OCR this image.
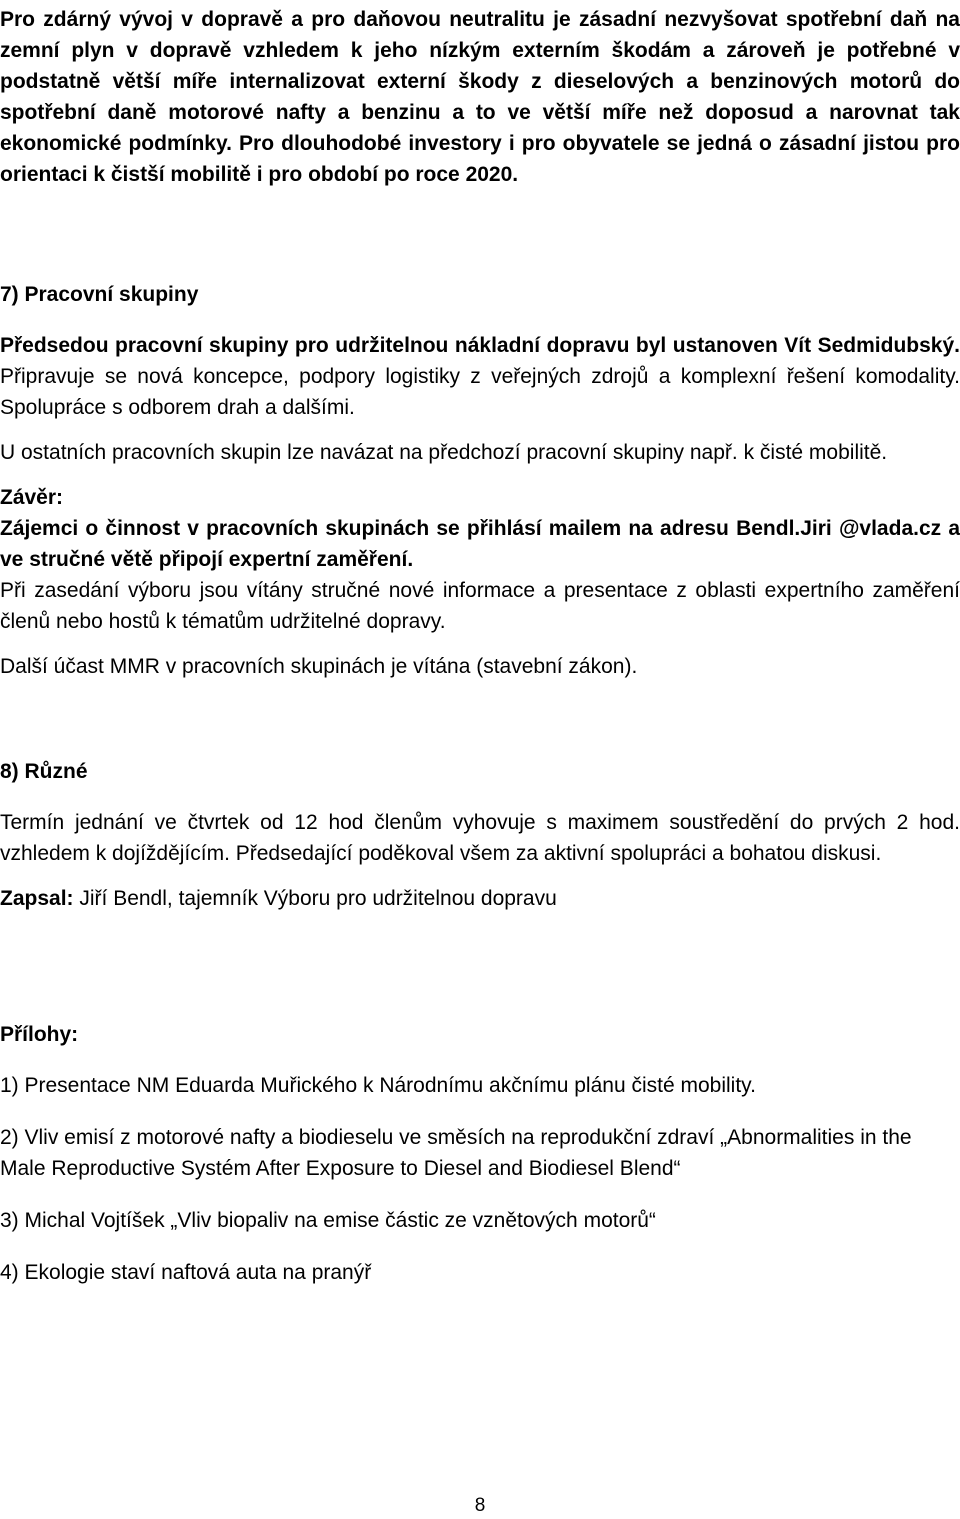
Pro zdárný vývoj v dopravě a pro daňovou neutralitu je zásadní nezvyšovat spotřební daň na zemní plyn v dopravě vzhledem k jeho nízkým externím škodám a zároveň je potřebné v podstatně větší míře internalizovat externí škody z dieselových a benzinových motorů do spotřební daně motorové nafty a benzinu a to ve větší míře než doposud a narovnat tak ekonomické podmínky. Pro dlouhodobé investory i pro obyvatele se jedná o zásadní jistou pro orientaci k čistší mobilitě i pro období po roce 2020.

7) Pracovní skupiny

Předsedou pracovní skupiny pro udržitelnou nákladní dopravu byl ustanoven Vít Sedmidubský. Připravuje se nová koncepce, podpory logistiky z veřejných zdrojů a komplexní řešení komodality. Spolupráce s odborem drah a dalšími.

U ostatních pracovních skupin lze navázat na předchozí pracovní skupiny např. k čisté mobilitě.

Závěr:

Zájemci o činnost v pracovních skupinách se přihlásí mailem na adresu Bendl.Jiri @vlada.cz a ve stručné větě připojí expertní zaměření.

Při zasedání výboru jsou vítány stručné nové informace a presentace z oblasti expertního zaměření členů nebo hostů k tématům udržitelné dopravy.

Další účast MMR v pracovních skupinách je vítána (stavební zákon).

8) Různé

Termín jednání ve čtvrtek od 12 hod členům vyhovuje s maximem soustředění do prvých 2 hod. vzhledem k dojíždějícím. Předsedající poděkoval všem za aktivní spolupráci a bohatou diskusi.

Zapsal: Jiří Bendl, tajemník Výboru pro udržitelnou dopravu

Přílohy:

1) Presentace NM Eduarda Muřického k Národnímu akčnímu plánu čisté mobility.

2) Vliv emisí z motorové nafty a biodieselu ve směsích na reprodukční zdraví „Abnormalities in the Male Reproductive Systém After Exposure to Diesel and Biodiesel Blend“

3) Michal Vojtíšek „Vliv biopaliv na emise částic ze vznětových motorů“

4) Ekologie staví naftová auta na pranýř

8
